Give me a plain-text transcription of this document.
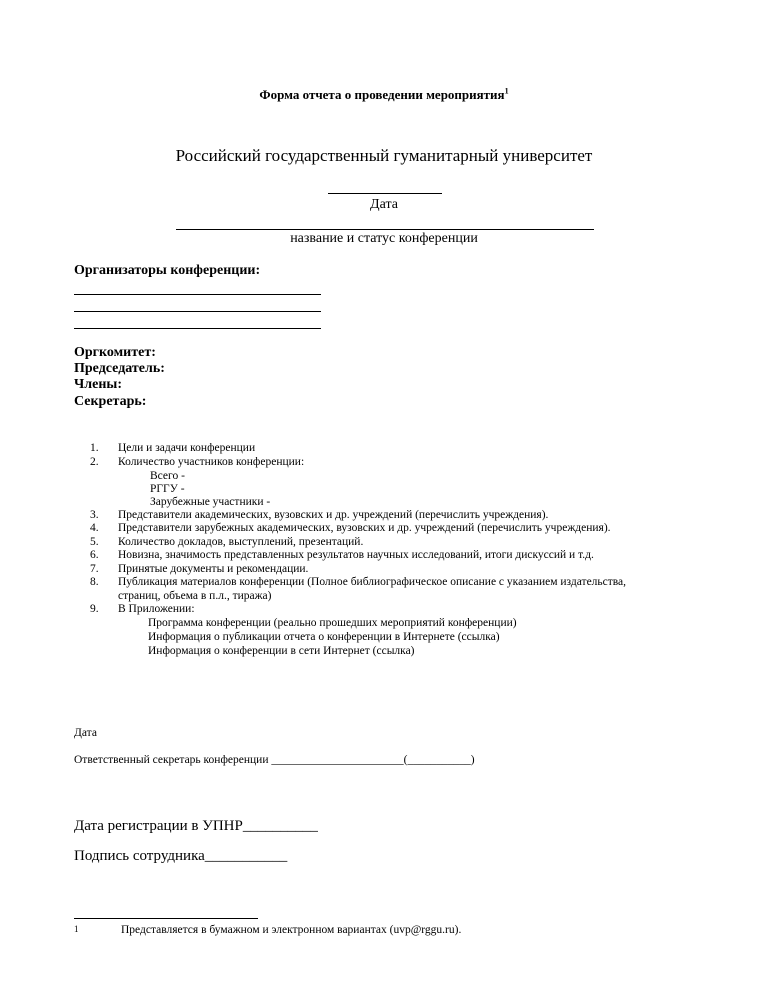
Форма отчета о проведении мероприятия$^1$
Российский государственный гуманитарный университет
Дата
название и статус конференции
Организаторы конференции:
Оргкомитет:
Председатель:
Члены:
Секретарь:
1. Цели и задачи конференции
2. Количество участников конференции:
Всего -
РГГУ -
Зарубежные участники -
3. Представители академических, вузовских и др. учреждений (перечислить учреждения).
4. Представители зарубежных академических, вузовских и др. учреждений (перечислить учреждения).
5. Количество докладов, выступлений, презентаций.
6. Новизна, значимость представленных результатов научных исследований, итоги дискуссий и т.д.
7. Принятые документы и рекомендации.
8. Публикация материалов конференции (Полное библиографическое описание с указанием издательства,
страниц, объема в п.л., тиража)
9. В Приложении:
Программа конференции (реально прошедших мероприятий конференции)
Информация о публикации отчета о конференции в Интернете (ссылка)
Информация о конференции в сети Интернет (ссылка)
Дата
Ответственный секретарь конференции _______________________(___________)
Дата регистрации в УПНР__________
Подпись сотрудника___________
1	Представляется в бумажном и электронном вариантах (uvp@rggu.ru).
